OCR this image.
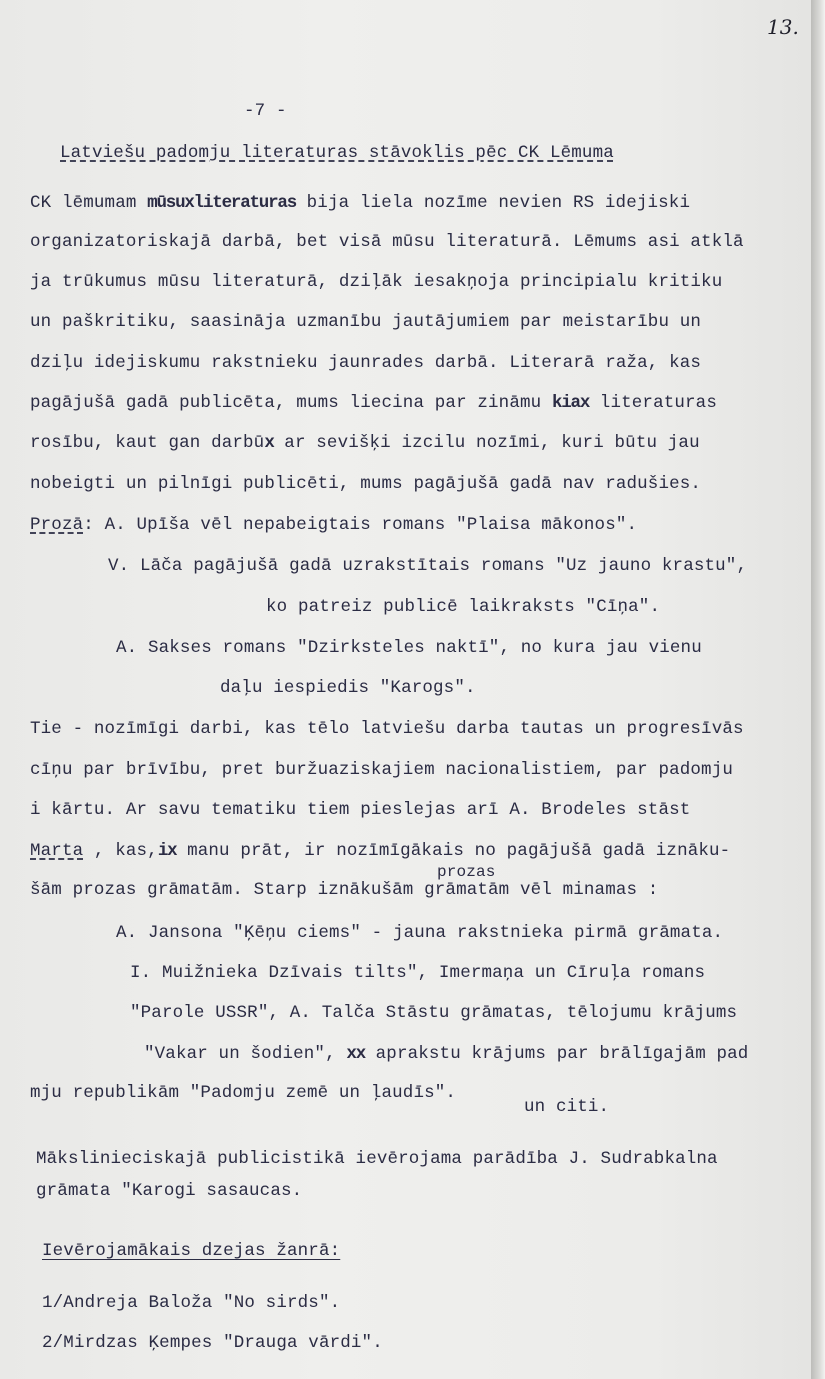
13.
-7 -
Latviešu padomju literaturas stāvoklis pēc CK Lēmuma
CK lēmumam mūsuxliteraturas bija liela nozīme nevien RS idejiski
organizatoriskajā darbā, bet visā mūsu literaturā. Lēmums asi atklā
ja trūkumus mūsu literaturā, dziļāk iesakņoja principialu kritiku
un paškritiku, saasināja uzmanību jautājumiem par meistarību un
dziļu idejiskumu rakstnieku jaunrades darbā. Literarā raža, kas
pagājušā gadā publicēta, mums liecina par zināmu kiax literaturas
rosību, kaut gan darbūx ar sevišķi izcilu nozīmi, kuri būtu jau
nobeigti un pilnīgi publicēti, mums pagājušā gadā nav radušies.
Prozā: A. Upīša vēl nepabeigtais romans "Plaisa mākonos".
V. Lāča pagājušā gadā uzrakstītais romans "Uz jauno krastu",
ko patreiz publicē laikraksts "Cīņa".
A. Sakses romans "Dzirksteles naktī", no kura jau vienu
daļu iespiedis "Karogs".
Tie - nozīmīgi darbi, kas tēlo latviešu darba tautas un progresīvās
cīņu par brīvību, pret buržuaziskajiem nacionalistiem, par padomju
i kārtu. Ar savu tematiku tiem pieslejas arī A. Brodeles stāst
Marta , kas,ix manu prāt, ir nozīmīgākais no pagājušā gadā iznāku-
prozas
šām prozas grāmatām. Starp iznākušām grāmatām vēl minamas :
A. Jansona "Ķēņu ciems" - jauna rakstnieka pirmā grāmata.
I. Muižnieka Dzīvais tilts", Imermaņa un Cīruļa romans
"Parole USSR", A. Talča Stāstu grāmatas, tēlojumu krājums
"Vakar un šodien", xx aprakstu krājums par brālīgajām pad
mju republikām "Padomju zemē un ļaudīs".
un citi.
Mākslinieciskajā publicistikā ievērojama parādība J. Sudrabkalna
grāmata "Karogi sasaucas.
Ievērojamākais dzejas žanrā:
1/Andreja Baloža "No sirds".
2/Mirdzas Ķempes "Drauga vārdi".
